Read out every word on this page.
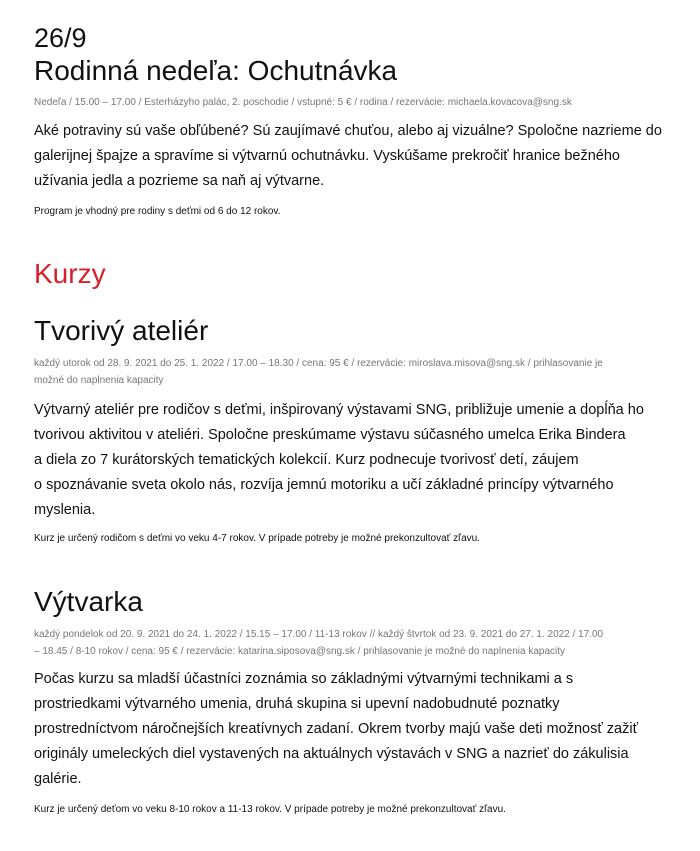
26/9
Rodinná nedeľa: Ochutnávka
Nedeľa / 15.00 – 17.00 / Esterházyho palác, 2. poschodie / vstupné: 5 € / rodina / rezervácie: michaela.kovacova@sng.sk
Aké potraviny sú vaše obľúbené? Sú zaujímavé chuťou, alebo aj vizuálne? Spoločne nazrieme do
galerijnej špajze a spravíme si výtvarnú ochutnávku. Vyskúšame prekročiť hranice bežného
užívania jedla a pozrieme sa naň aj výtvarne.
Program je vhodný pre rodiny s deťmi od 6 do 12 rokov.
Kurzy
Tvorivý ateliér
každý utorok od 28. 9. 2021 do 25. 1. 2022 / 17.00 – 18.30 / cena: 95 € / rezervácie: miroslava.misova@sng.sk / prihlasovanie je
možné do naplnenia kapacity
Výtvarný ateliér pre rodičov s deťmi, inšpirovaný výstavami SNG, približuje umenie a dopĺňa ho
tvorivou aktivitou v ateliéri. Spoločne preskúmame výstavu súčasného umelca Erika Bindera
a diela zo 7 kurátorských tematických kolekcií. Kurz podnecuje tvorivosť detí, záujem
o spoznávanie sveta okolo nás, rozvíja jemnú motoriku a učí základné princípy výtvarného
myslenia.
Kurz je určený rodičom s deťmi vo veku 4-7 rokov. V prípade potreby je možné prekonzultovať zľavu.
Výtvarka
každý pondelok od 20. 9. 2021 do 24. 1. 2022 / 15.15 – 17.00 / 11-13 rokov // každý štvrtok od 23. 9. 2021 do 27. 1. 2022 / 17.00
– 18.45 / 8-10 rokov / cena: 95 € / rezervácie: katarina.siposova@sng.sk / prihlasovanie je možné do naplnenia kapacity
Počas kurzu sa mladší účastníci zoznámia so základnými výtvarnými technikami a s
prostriedkami výtvarného umenia, druhá skupina si upevní nadobudnuté poznatky
prostredníctvom náročnejších kreatívnych zadaní. Okrem tvorby majú vaše deti možnosť zažiť
originály umeleckých diel vystavených na aktuálnych výstavách v SNG a nazrieť do zákulisia
galérie.
Kurz je určený deťom vo veku 8-10 rokov a 11-13 rokov. V prípade potreby je možné prekonzultovať zľavu.
